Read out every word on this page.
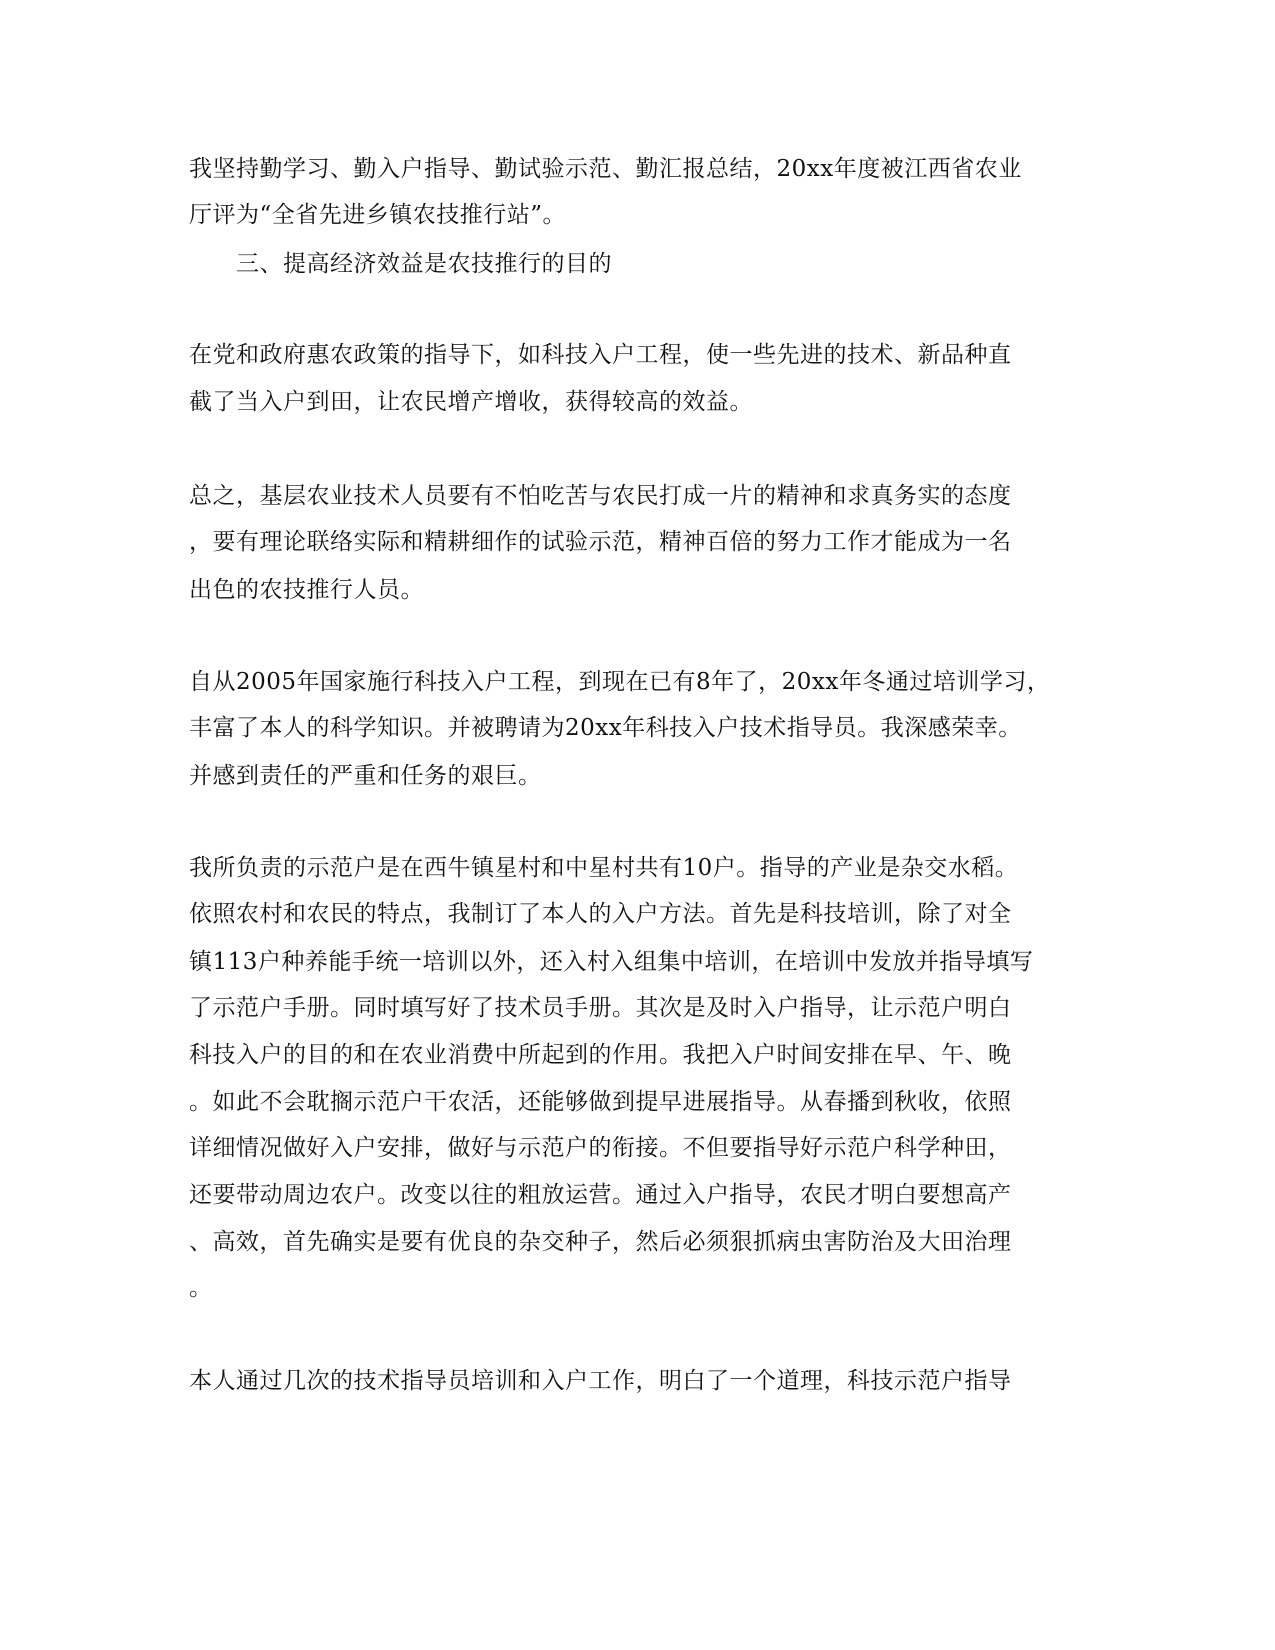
我坚持勤学习、勤入户指导、勤试验示范、勤汇报总结，20xx年度被江西省农业
厅评为“全省先进乡镇农技推行站”。
三、提高经济效益是农技推行的目的
在党和政府惠农政策的指导下，如科技入户工程，使一些先进的技术、新品种直
截了当入户到田，让农民增产增收，获得较高的效益。
总之，基层农业技术人员要有不怕吃苦与农民打成一片的精神和求真务实的态度
，要有理论联络实际和精耕细作的试验示范，精神百倍的努力工作才能成为一名
出色的农技推行人员。
自从2005年国家施行科技入户工程，到现在已有8年了，20xx年冬通过培训学习，
丰富了本人的科学知识。并被聘请为20xx年科技入户技术指导员。我深感荣幸。
并感到责任的严重和任务的艰巨。
我所负责的示范户是在西牛镇星村和中星村共有10户。指导的产业是杂交水稻。
依照农村和农民的特点，我制订了本人的入户方法。首先是科技培训，除了对全
镇113户种养能手统一培训以外，还入村入组集中培训，在培训中发放并指导填写
了示范户手册。同时填写好了技术员手册。其次是及时入户指导，让示范户明白
科技入户的目的和在农业消费中所起到的作用。我把入户时间安排在早、午、晚
。如此不会耽搁示范户干农活，还能够做到提早进展指导。从春播到秋收，依照
详细情况做好入户安排，做好与示范户的衔接。不但要指导好示范户科学种田，
还要带动周边农户。改变以往的粗放运营。通过入户指导，农民才明白要想高产
、高效，首先确实是要有优良的杂交种子，然后必须狠抓病虫害防治及大田治理
。
本人通过几次的技术指导员培训和入户工作，明白了一个道理，科技示范户指导
